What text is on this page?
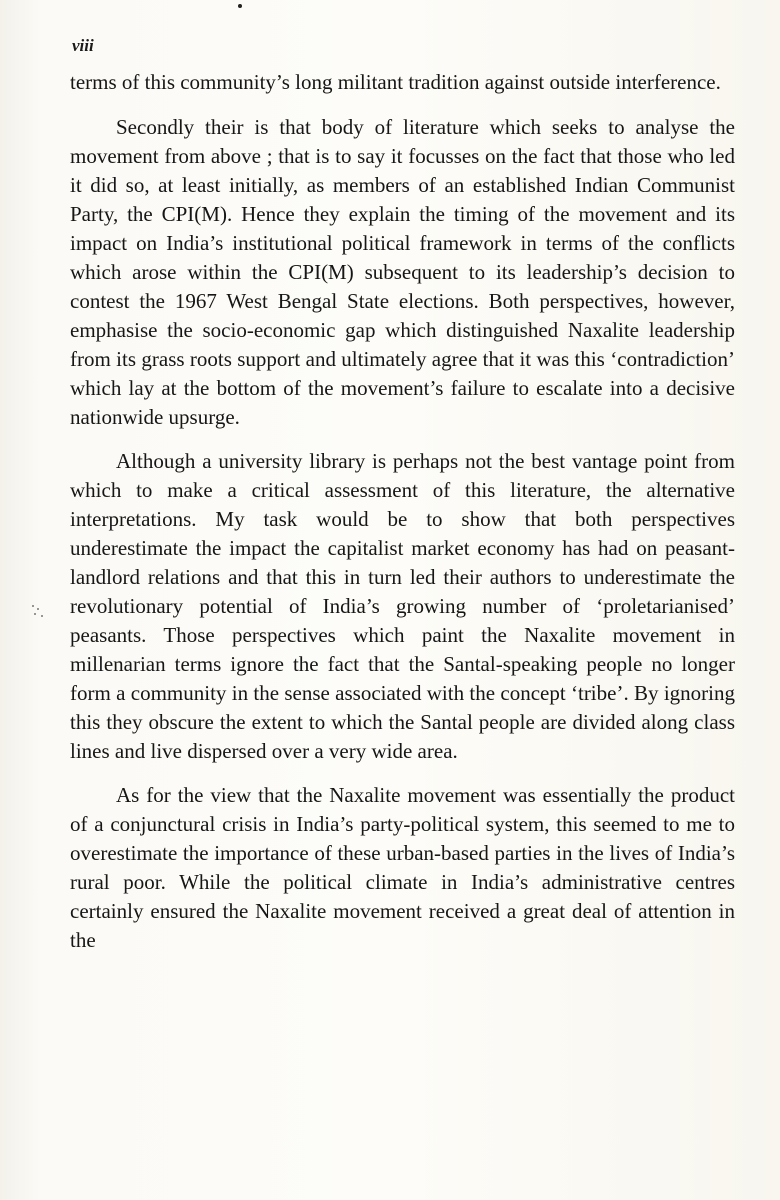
viii

terms of this community’s long militant tradition against outside interference.

Secondly their is that body of literature which seeks to analyse the movement from above ; that is to say it focusses on the fact that those who led it did so, at least initially, as members of an established Indian Communist Party, the CPI(M). Hence they explain the timing of the movement and its impact on India’s institutional political framework in terms of the conflicts which arose within the CPI(M) subsequent to its leadership’s decision to contest the 1967 West Bengal State elections. Both perspectives, however, emphasise the socio-economic gap which distinguished Naxalite leadership from its grass roots support and ultimately agree that it was this ‘contradiction’ which lay at the bottom of the movement’s failure to escalate into a decisive nationwide upsurge.

Although a university library is perhaps not the best vantage point from which to make a critical assessment of this literature, the alternative interpretations. My task would be to show that both perspectives underestimate the impact the capitalist market economy has had on peasant-landlord relations and that this in turn led their authors to underestimate the revolutionary potential of India’s growing number of ‘proletarianised’ peasants. Those perspectives which paint the Naxalite movement in millenarian terms ignore the fact that the Santal-speaking people no longer form a community in the sense associated with the concept ‘tribe’. By ignoring this they obscure the extent to which the Santal people are divided along class lines and live dispersed over a very wide area.

As for the view that the Naxalite movement was essentially the product of a conjunctural crisis in India’s party-political system, this seemed to me to overestimate the importance of these urban-based parties in the lives of India’s rural poor. While the political climate in India’s administrative centres certainly ensured the Naxalite movement received a great deal of attention in the
